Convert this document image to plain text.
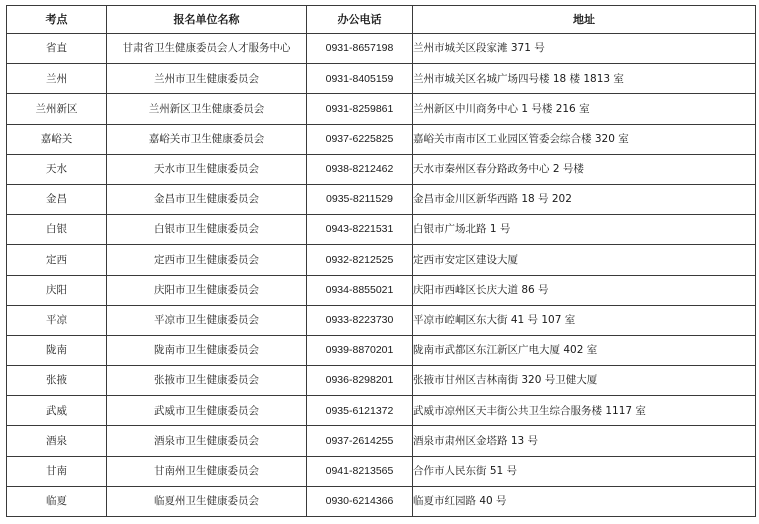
考点	报名单位名称	办公电话	地址
省直	甘肃省卫生健康委员会人才服务中心	0931-8657198	兰州市城关区段家滩 371 号
兰州	兰州市卫生健康委员会	0931-8405159	兰州市城关区名城广场四号楼 18 楼 1813 室
兰州新区	兰州新区卫生健康委员会	0931-8259861	兰州新区中川商务中心 1 号楼 216 室
嘉峪关	嘉峪关市卫生健康委员会	0937-6225825	嘉峪关市南市区工业园区管委会综合楼 320 室
天水	天水市卫生健康委员会	0938-8212462	天水市秦州区春分路政务中心 2 号楼
金昌	金昌市卫生健康委员会	0935-8211529	金昌市金川区新华西路 18 号 202
白银	白银市卫生健康委员会	0943-8221531	白银市广场北路 1 号
定西	定西市卫生健康委员会	0932-8212525	定西市安定区建设大厦
庆阳	庆阳市卫生健康委员会	0934-8855021	庆阳市西峰区长庆大道 86 号
平凉	平凉市卫生健康委员会	0933-8223730	平凉市崆峒区东大街 41 号 107 室
陇南	陇南市卫生健康委员会	0939-8870201	陇南市武都区东江新区广电大厦 402 室
张掖	张掖市卫生健康委员会	0936-8298201	张掖市甘州区吉林南街 320 号卫健大厦
武威	武威市卫生健康委员会	0935-6121372	武威市凉州区天丰街公共卫生综合服务楼 1117 室
酒泉	酒泉市卫生健康委员会	0937-2614255	酒泉市肃州区金塔路 13 号
甘南	甘南州卫生健康委员会	0941-8213565	合作市人民东街 51 号
临夏	临夏州卫生健康委员会	0930-6214366	临夏市红园路 40 号
